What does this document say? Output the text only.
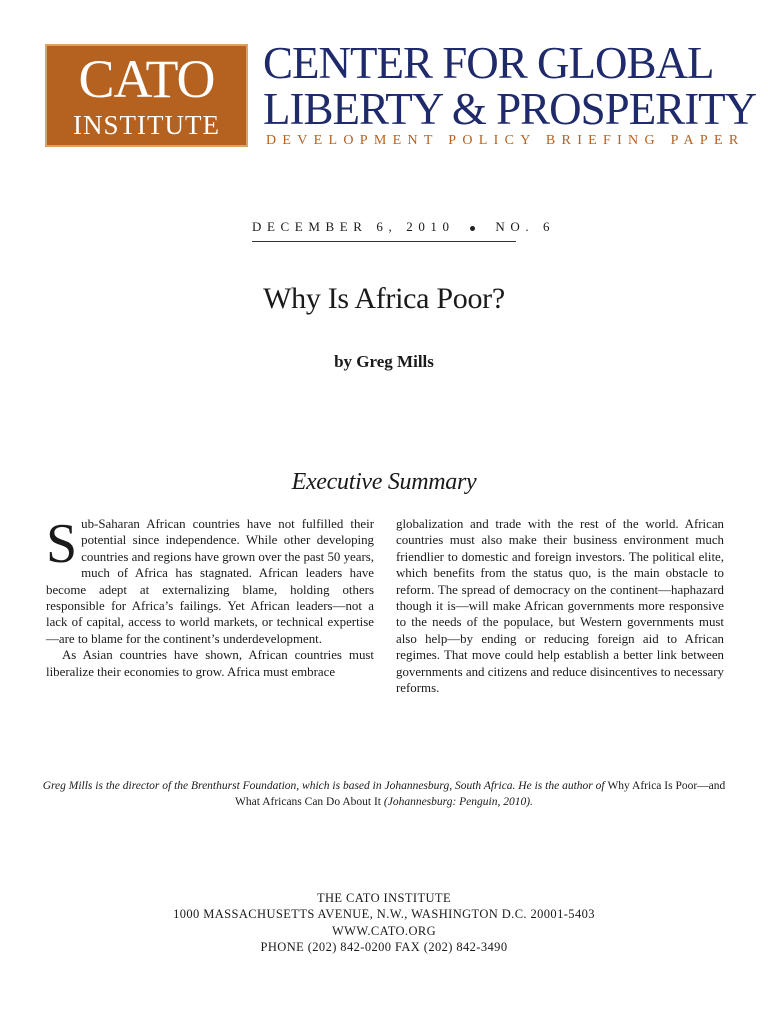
CATO
INSTITUTE
CENTER FOR GLOBAL
LIBERTY & PROSPERITY
DEVELOPMENT POLICY BRIEFING PAPER
DECEMBER 6, 2010	NO. 6
Why Is Africa Poor?
by Greg Mills
Executive Summary

Sub-Saharan African countries have not fulfilled their potential since independence. While other developing countries and regions have grown over the past 50 years, much of Africa has stagnated. African leaders have become adept at externalizing blame, holding others responsible for Africa’s failings. Yet African leaders—not a lack of capital, access to world markets, or technical expertise—are to blame for the continent’s underdevelopment.

As Asian countries have shown, African countries must liberalize their economies to grow. Africa must embrace

globalization and trade with the rest of the world. African countries must also make their business environment much friendlier to domestic and foreign investors. The political elite, which benefits from the status quo, is the main obstacle to reform. The spread of democracy on the continent—haphazard though it is—will make African governments more responsive to the needs of the populace, but Western governments must also help—by ending or reducing foreign aid to African regimes. That move could help establish a better link between governments and citizens and reduce disincentives to necessary reforms.

Greg Mills is the director of the Brenthurst Foundation, which is based in Johannesburg, South Africa. He is the author of Why Africa Is Poor—and What Africans Can Do About It (Johannesburg: Penguin, 2010).
THE CATO INSTITUTE
1000 MASSACHUSETTS AVENUE, N.W., WASHINGTON D.C. 20001-5403
WWW.CATO.ORG
PHONE (202) 842-0200 FAX (202) 842-3490
